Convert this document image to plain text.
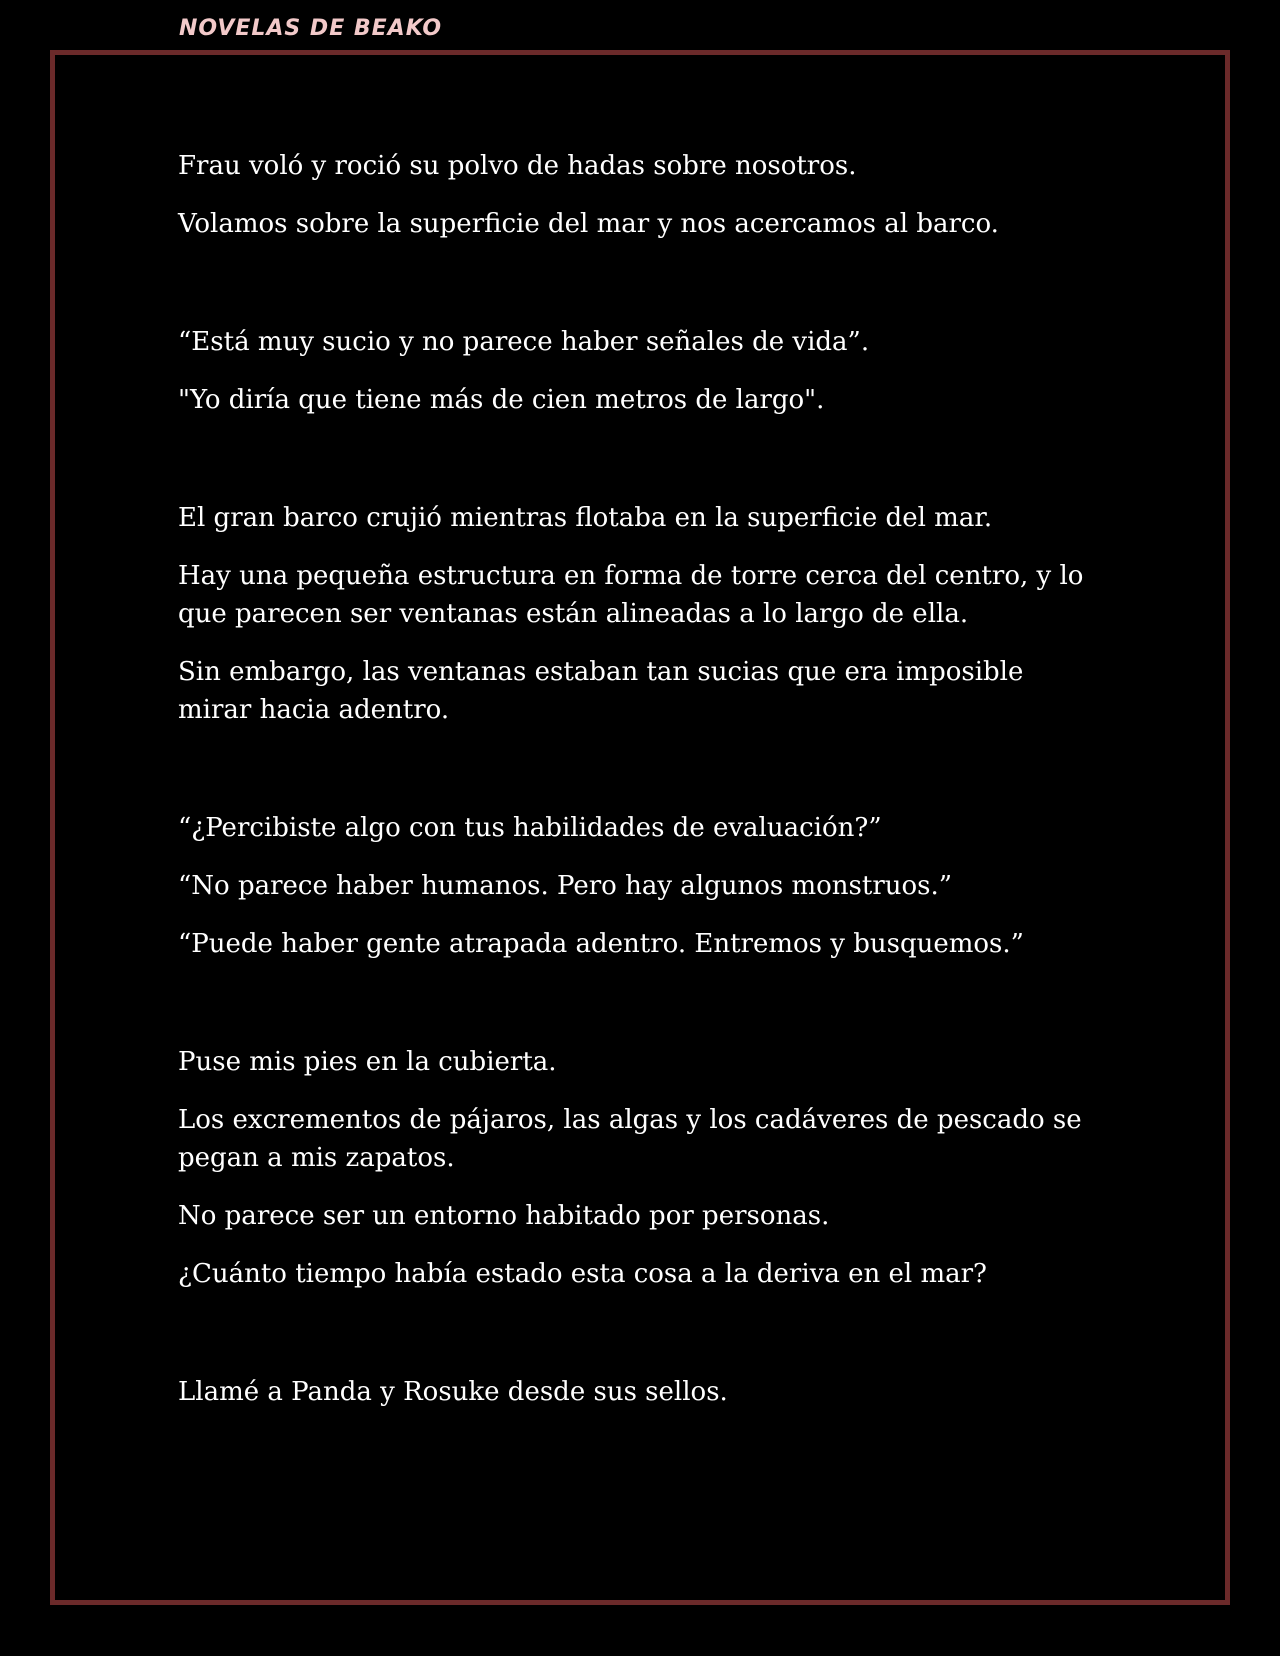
NOVELAS DE BEAKO

Frau voló y roció su polvo de hadas sobre nosotros.

Volamos sobre la superficie del mar y nos acercamos al barco.

“Está muy sucio y no parece haber señales de vida”.

"Yo diría que tiene más de cien metros de largo".

El gran barco crujió mientras flotaba en la superficie del mar.

Hay una pequeña estructura en forma de torre cerca del centro, y lo que parecen ser ventanas están alineadas a lo largo de ella.

Sin embargo, las ventanas estaban tan sucias que era imposible mirar hacia adentro.

“¿Percibiste algo con tus habilidades de evaluación?”

“No parece haber humanos. Pero hay algunos monstruos.”

“Puede haber gente atrapada adentro. Entremos y busquemos.”

Puse mis pies en la cubierta.

Los excrementos de pájaros, las algas y los cadáveres de pescado se pegan a mis zapatos.

No parece ser un entorno habitado por personas.

¿Cuánto tiempo había estado esta cosa a la deriva en el mar?

Llamé a Panda y Rosuke desde sus sellos.
